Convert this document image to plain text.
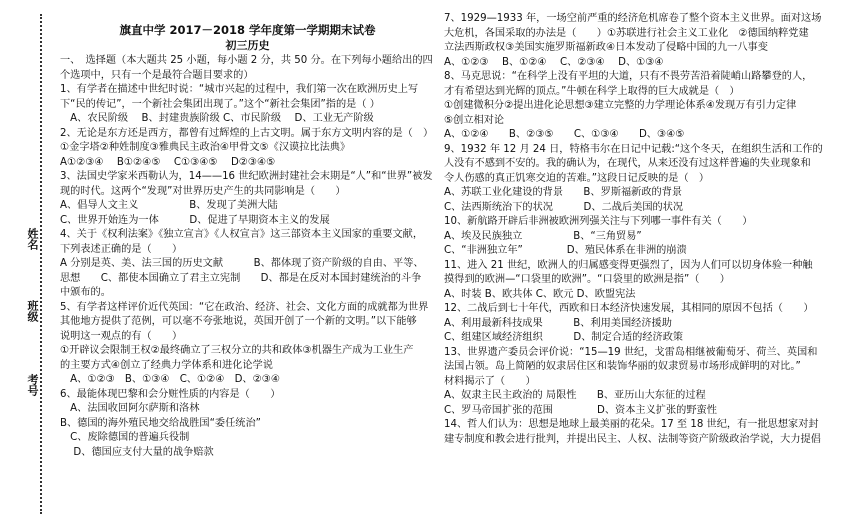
姓名
班级
考号
旗直中学 2017－2018 学年度第一学期期末试卷
初三历史
一、　选择题（本大题共 25 小题，每小题 2 分，共 50 分。在下列每小题给出的四
个选项中，只有一个是最符合题目要求的）
1、有学者在描述中世纪时说：“城市兴起的过程中，我们第一次在欧洲历史上写
下“民的传记”，一个新社会集团出现了。”这个“新社会集团”指的是（ ）
　A、农民阶级　 B、封建贵族阶级 C、市民阶级　 D、工业无产阶级
2、无论是东方还是西方，都曾有过辉煌的上古文明。属于东方文明内容的是（　）
①金字塔②种姓制度③雅典民主政治④甲骨文⑤《汉谟拉比法典》
A①②③④　 B①②④⑤　 C①③④⑤　 D②③④⑤
3、法国史学家米西勒认为，14——16 世纪欧洲封建社会末期是“人”和“世界”被发
现的时代。这两个“发现”对世界历史产生的共同影响是（　　）
A、倡导人文主义　　　　　B、发现了美洲大陆
C、世界开始连为一体　　　D、促进了早期资本主义的发展
4、关于《权利法案》《独立宣言》《人权宣言》这三部资本主义国家的重要文献，
下列表述正确的是（　　）
A 分别是英、美、法三国的历史文献　　　B、都体现了资产阶级的自由、平等、
思想　　C、都使本国确立了君主立宪制　　D、都是在反对本国封建统治的斗争
中颁布的。
5、有学者这样评价近代英国：“它在政治、经济、社会、文化方面的成就都为世界
其他地方提供了范例，可以毫不夸张地说，英国开创了一个新的文明。”以下能够
说明这一观点的有（　　）
①开辟议会限制王权②最终确立了三权分立的共和政体③机器生产成为工业生产
的主要方式④创立了经典力学体系和进化论学说
　A、①②③　B、①③④　C、①②④　D、②③④
6、最能体现巴黎和会分赃性质的内容是（　　）
　A、法国收回阿尔萨斯和洛林
B、德国的海外殖民地交给战胜国“委任统治”
　C、废除德国的普遍兵役制
　 D、德国应支付大量的战争赔款
7、1929—1933 年，一场空前严重的经济危机席卷了整个资本主义世界。面对这场
大危机，各国采取的办法是（　　）①苏联进行社会主义工业化　②德国纳粹党建
立法西斯政权③美国实施罗斯福新政④日本发动了侵略中国的九一八事变
A、①②③　 B、①②④　 C、②③④　 D、①③④
8、马克思说：“在科学上没有平坦的大道，只有不畏劳苦沿着陡峭山路攀登的人，
才有希望达到光辉的顶点。”牛顿在科学上取得的巨大成就是（　）
①创建微积分②提出进化论思想③建立完整的力学理论体系④发现万有引力定律
⑤创立相对论
A、①②④　　B、②③⑤　　C、①③④　　D、③④⑤
9、1932 年 12 月 24 日，特格韦尔在日记中记载:“这个冬天，在组织生活和工作的
人没有不感到不安的。我的确认为，在现代，从来还没有过这样普遍的失业现象和
令人伤感的真正饥寒交迫的苦难。”这段日记反映的是（　）
A、苏联工业化建设的背景　　B、罗斯福新政的背景
C、法西斯统治下的状况　　　D、二战后美国的状况
10、新航路开辟后非洲被欧洲列强关注与下列哪一事件有关（　　）
A、埃及民族独立　　　　　B、“三角贸易”
C、“非洲独立年”　　　　 D、殖民体系在非洲的崩溃
11、进入 21 世纪，欧洲人的归属感变得更强烈了，因为人们可以切身体验一种触
摸得到的欧洲—“口袋里的欧洲”。“口袋里的欧洲是指”（　　）
A、时装 B、欧共体 C、欧元 D、欧盟宪法
12、二战后到七十年代，西欧和日本经济快速发展，其相同的原因不包括（　　）
A、利用最新科技成果　　　B、利用美国经济援助
C、组建区域经济组织　　　D、制定合适的经济政策
13、世界遗产委员会评价说：“15—19 世纪，戈雷岛相继被葡萄牙、荷兰、英国和
法国占领。岛上简陋的奴隶居住区和装饰华丽的奴隶贸易市场形成鲜明的对比。”
材料揭示了（　　）
A、奴隶主民主政治的 局限性　　B、亚历山大东征的过程
C、罗马帝国扩张的范围　　　　 D、资本主义扩张的野蛮性
14、哲人们认为：思想是地球上最美丽的花朵。17 至 18 世纪，有一批思想家对封
建专制度和教会进行批判，并提出民主、人权、法制等资产阶级政治学说，大力提倡
